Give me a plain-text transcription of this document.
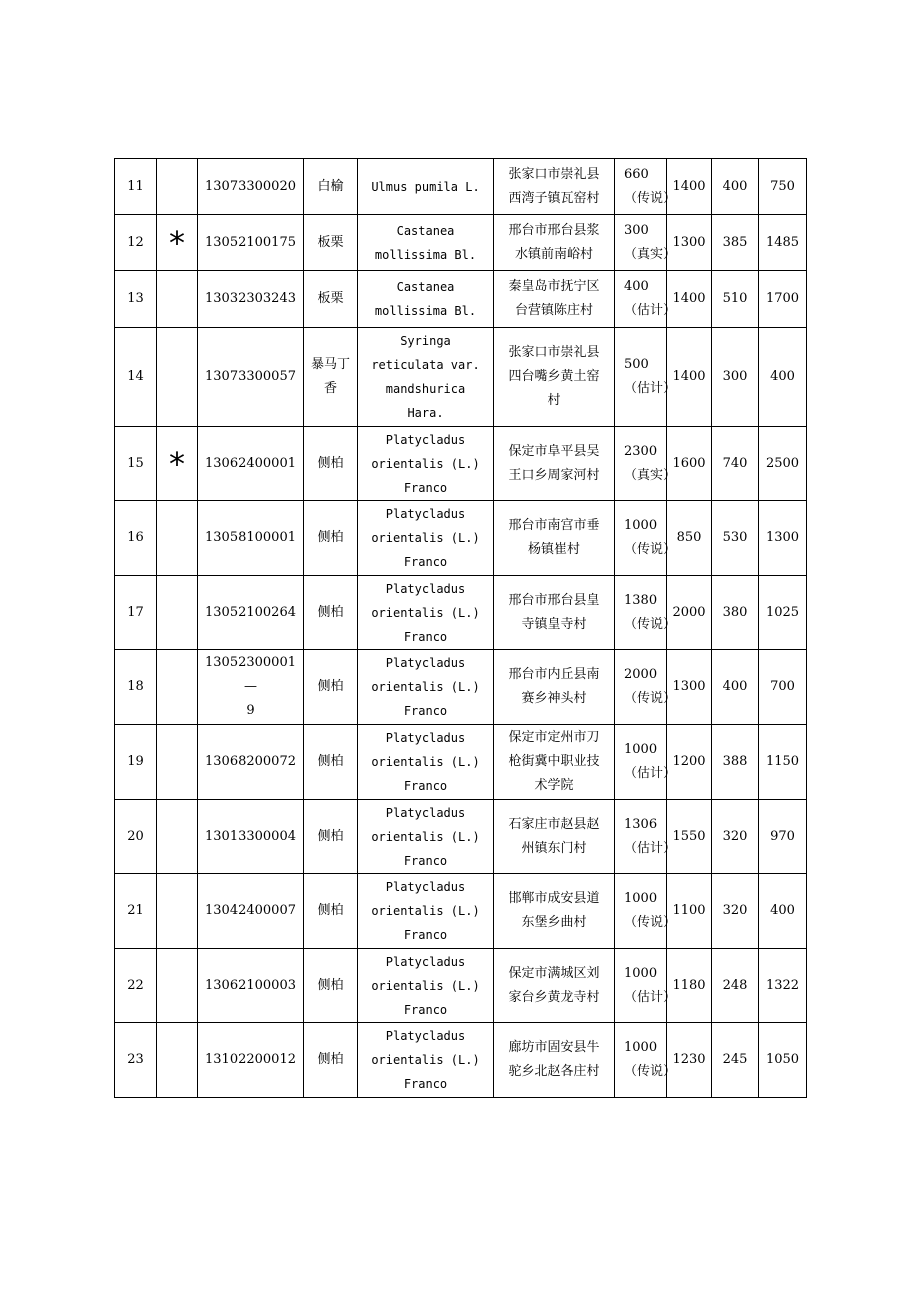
11		13073300020	白榆	Ulmus pumila L.	张家口市崇礼县
西湾子镇瓦窑村	660
（传说）	1400	400	750
12	*	13052100175	板栗	Castanea
mollissima Bl.	邢台市邢台县浆
水镇前南峪村	300
（真实）	1300	385	1485
13		13032303243	板栗	Castanea
mollissima Bl.	秦皇岛市抚宁区
台营镇陈庄村	400
（估计）	1400	510	1700
14		13073300057	暴马丁
香	Syringa
reticulata var.
mandshurica
Hara.	张家口市崇礼县
四台嘴乡黄土窑
村	500
（估计）	1400	300	400
15	*	13062400001	侧柏	Platycladus
orientalis (L.)
Franco	保定市阜平县吴
王口乡周家河村	2300
（真实）	1600	740	2500
16		13058100001	侧柏	Platycladus
orientalis (L.)
Franco	邢台市南宫市垂
杨镇崔村	1000
（传说）	850	530	1300
17		13052100264	侧柏	Platycladus
orientalis (L.)
Franco	邢台市邢台县皇
寺镇皇寺村	1380
（传说）	2000	380	1025
18		13052300001—
9	侧柏	Platycladus
orientalis (L.)
Franco	邢台市内丘县南
赛乡神头村	2000
（传说）	1300	400	700
19		13068200072	侧柏	Platycladus
orientalis (L.)
Franco	保定市定州市刀
枪街冀中职业技
术学院	1000
（估计）	1200	388	1150
20		13013300004	侧柏	Platycladus
orientalis (L.)
Franco	石家庄市赵县赵
州镇东门村	1306
（估计）	1550	320	970
21		13042400007	侧柏	Platycladus
orientalis (L.)
Franco	邯郸市成安县道
东堡乡曲村	1000
（传说）	1100	320	400
22		13062100003	侧柏	Platycladus
orientalis (L.)
Franco	保定市满城区刘
家台乡黄龙寺村	1000
（估计）	1180	248	1322
23		13102200012	侧柏	Platycladus
orientalis (L.)
Franco	廊坊市固安县牛
驼乡北赵各庄村	1000
（传说）	1230	245	1050
